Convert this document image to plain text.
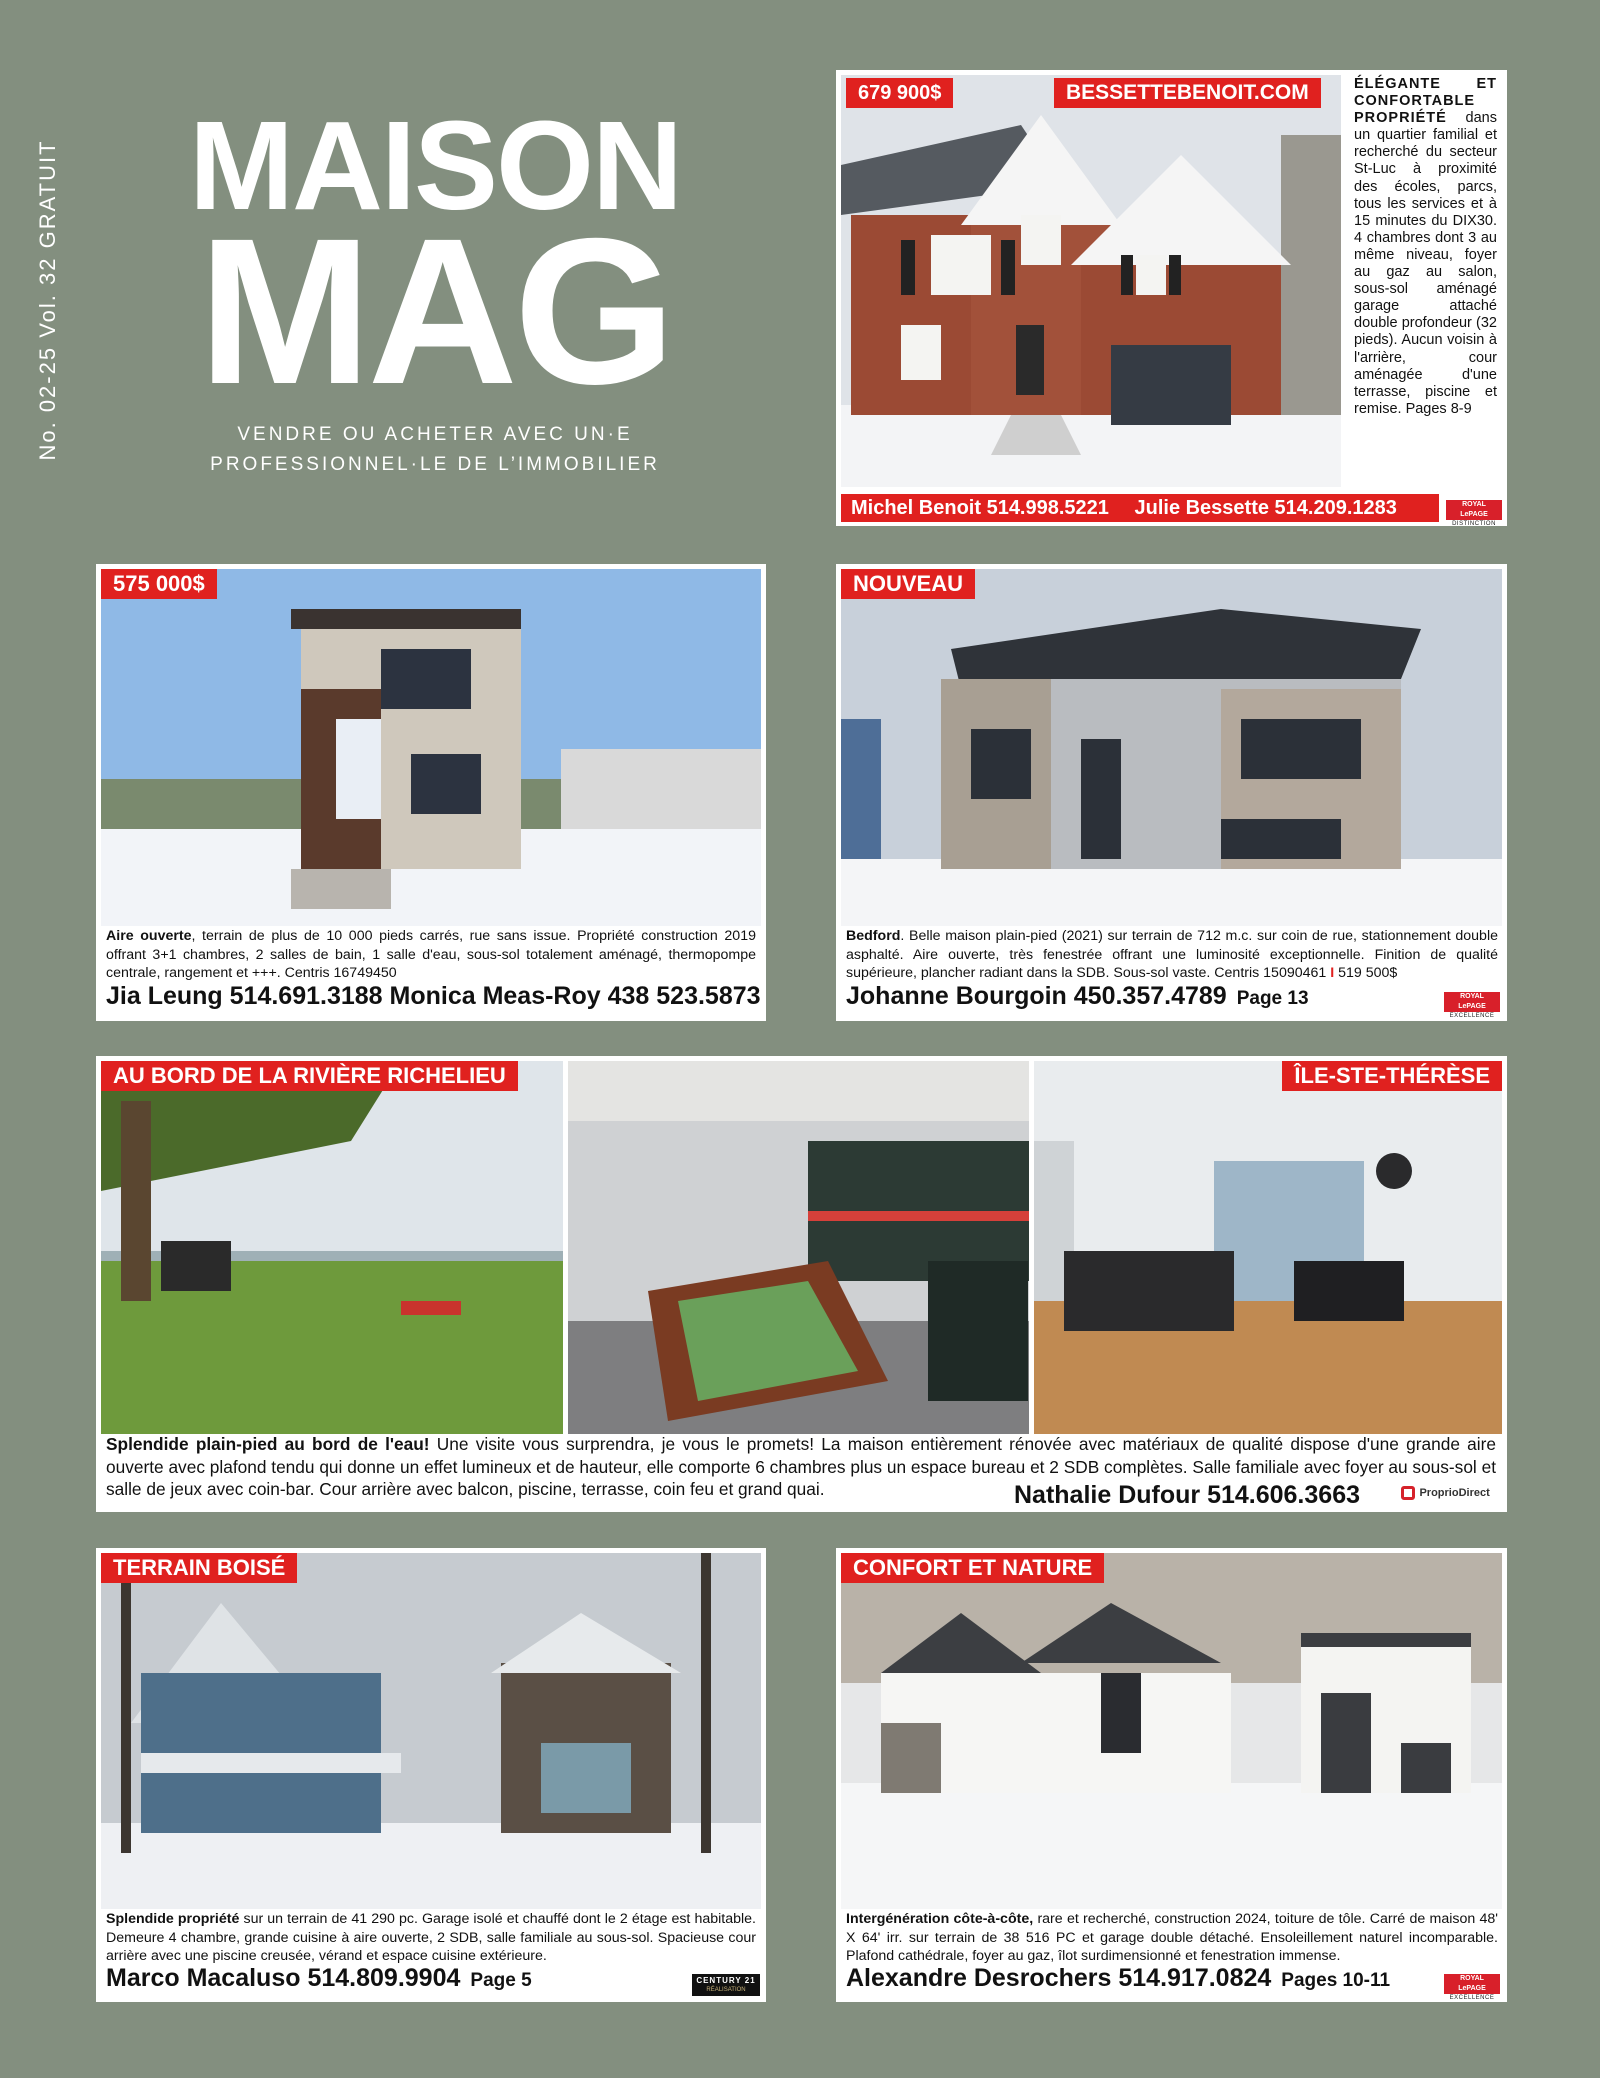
No. 02-25 Vol. 32 GRATUIT MAISON
MAG
VENDRE OU ACHETER AVEC UN·E
PROFESSIONNEL·LE DE L’IMMOBILIER
679 900$	BESSETTEBENOIT.COM	ÉLÉGANTE ET CONFORTABLE PROPRIÉTÉ dans un quartier familial et recherché du secteur St-Luc à proximité des écoles, parcs, tous les services et à 15 minutes du DIX30. 4 chambres dont 3 au même niveau, foyer au gaz au salon, sous-sol aménagé garage attaché double profondeur (32 pieds). Aucun voisin à l'arrière, cour aménagée d'une terrasse, piscine et remise. Pages 8-9
Michel Benoit 514.998.5221 Julie Bessette 514.209.1283	ROYAL LePAGE
DISTINCTION
575 000$
Aire ouverte, terrain de plus de 10 000 pieds carrés, rue sans issue. Propriété construction 2019 offrant 3+1 chambres, 2 salles de bain, 1 salle d'eau, sous-sol totalement aménagé, thermopompe centrale, rangement et +++. Centris 16749450
Jia Leung 514.691.3188 Monica Meas-Roy 438 523.5873
NOUVEAU
Bedford. Belle maison plain-pied (2021) sur terrain de 712 m.c. sur coin de rue, stationnement double asphalté. Aire ouverte, très fenestrée offrant une luminosité exceptionnelle. Finition de qualité supérieure, plancher radiant dans la SDB. Sous-sol vaste. Centris 15090461 I 519 500$
Johanne Bourgoin 450.357.4789 Page 13	ROYAL LePAGE
EXCELLENCE
AU BORD DE LA RIVIÈRE RICHELIEU	ÎLE-STE-THÉRÈSE
Splendide plain-pied au bord de l'eau! Une visite vous surprendra, je vous le promets! La maison entièrement rénovée avec matériaux de qualité dispose d'une grande aire ouverte avec plafond tendu qui donne un effet lumineux et de hauteur, elle comporte 6 chambres plus un espace bureau et 2 SDB complètes. Salle familiale avec foyer au sous-sol et salle de jeux avec coin-bar. Cour arrière avec balcon, piscine, terrasse, coin feu et grand quai.	Nathalie Dufour 514.606.3663	ProprioDirect
TERRAIN BOISÉ
Splendide propriété sur un terrain de 41 290 pc. Garage isolé et chauffé dont le 2 étage est habitable. Demeure 4 chambre, grande cuisine à aire ouverte, 2 SDB, salle familiale au sous-sol. Spacieuse cour arrière avec une piscine creusée, vérand et espace cuisine extérieure.
Marco Macaluso 514.809.9904 Page 5	CENTURY 21
RÉALISATION
CONFORT ET NATURE
Intergénération côte-à-côte, rare et recherché, construction 2024, toiture de tôle. Carré de maison 48' X 64' irr. sur terrain de 38 516 PC et garage double détaché. Ensoleillement naturel incomparable. Plafond cathédrale, foyer au gaz, îlot surdimensionné et fenestration immense.
Alexandre Desrochers 514.917.0824 Pages 10-11	ROYAL LePAGE
EXCELLENCE
